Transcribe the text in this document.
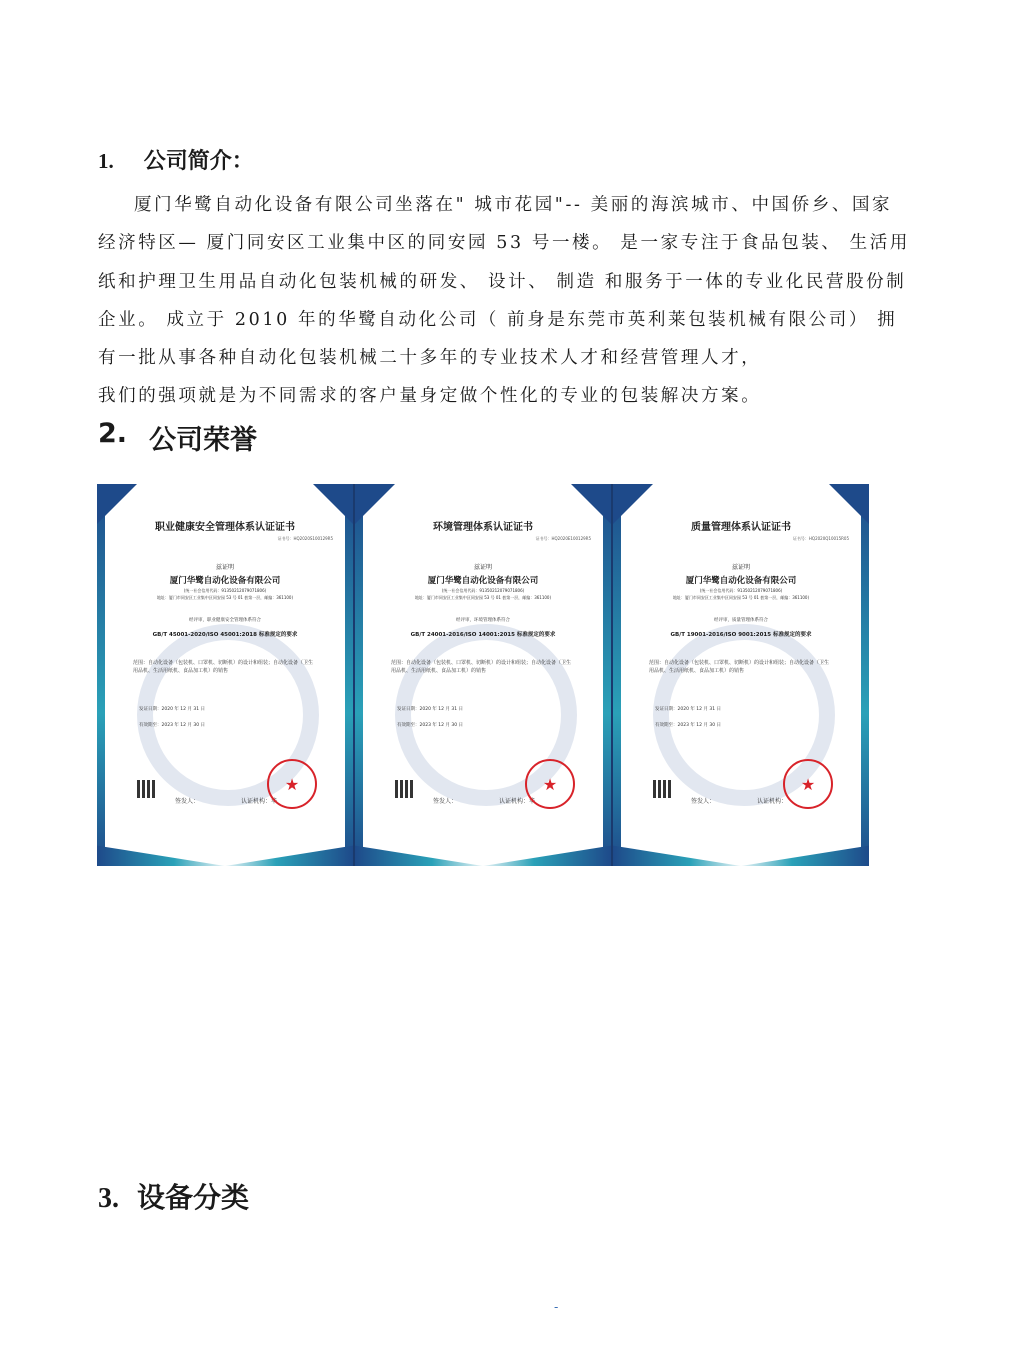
1. 公司简介：
厦门华鹭自动化设备有限公司坐落在" 城市花园"-- 美丽的海滨城市、中国侨乡、国家
经济特区— 厦门同安区工业集中区的同安园 53 号一楼。 是一家专注于食品包装、 生活用
纸和护理卫生用品自动化包装机械的研发、 设计、 制造 和服务于一体的专业化民营股份制
企业。 成立于 2010 年的华鹭自动化公司（ 前身是东莞市英利莱包装机械有限公司） 拥
有一批从事各种自动化包装机械二十多年的专业技术人才和经营管理人才，
我们的强项就是为不同需求的客户量身定做个性化的专业的包装解决方案。
2. 公司荣誉
职业健康安全管理体系认证证书
证书号：HQ2020S100129R5
兹证明
厦门华鹭自动化设备有限公司
(统一社会信用代码：91350212079071806)
地址：厦门市同安区工业集中区同安园 53 号 01 套第一层，邮编：361100)
经评审，职业健康安全管理体系符合
GB/T 45001-2020/ISO 45001:2018 标准规定的要求
范围：自动化设备（包装机、口罩机、切断机）的设计和组装；自动化设备（卫生用品机、生活用纸机、食品加工机）的销售
发证日期：2020 年 12 月 31 日
有效期至：2023 年 12 月 30 日
签发人：	认证机构：华
★
环境管理体系认证证书
证书号：HQ2020E100129R5
兹证明
厦门华鹭自动化设备有限公司
(统一社会信用代码：91350212079071806)
地址：厦门市同安区工业集中区同安园 53 号 01 套第一层，邮编：361100)
经评审，环境管理体系符合
GB/T 24001-2016/ISO 14001:2015 标准规定的要求
范围：自动化设备（包装机、口罩机、切断机）的设计和组装；自动化设备（卫生用品机、生活用纸机、食品加工机）的销售
发证日期：2020 年 12 月 31 日
有效期至：2023 年 12 月 30 日
签发人：	认证机构：华
★
质量管理体系认证证书
证书号：HQ2020Q10015R05
兹证明
厦门华鹭自动化设备有限公司
(统一社会信用代码：91350212079071806)
地址：厦门市同安区工业集中区同安园 53 号 01 套第一层，邮编：361100)
经评审，质量管理体系符合
GB/T 19001-2016/ISO 9001:2015 标准规定的要求
范围：自动化设备（包装机、口罩机、切断机）的设计和组装；自动化设备（卫生用品机、生活用纸机、食品加工机）的销售
发证日期：2020 年 12 月 31 日
有效期至：2023 年 12 月 30 日
签发人：	认证机构：
★
3. 设备分类
-
